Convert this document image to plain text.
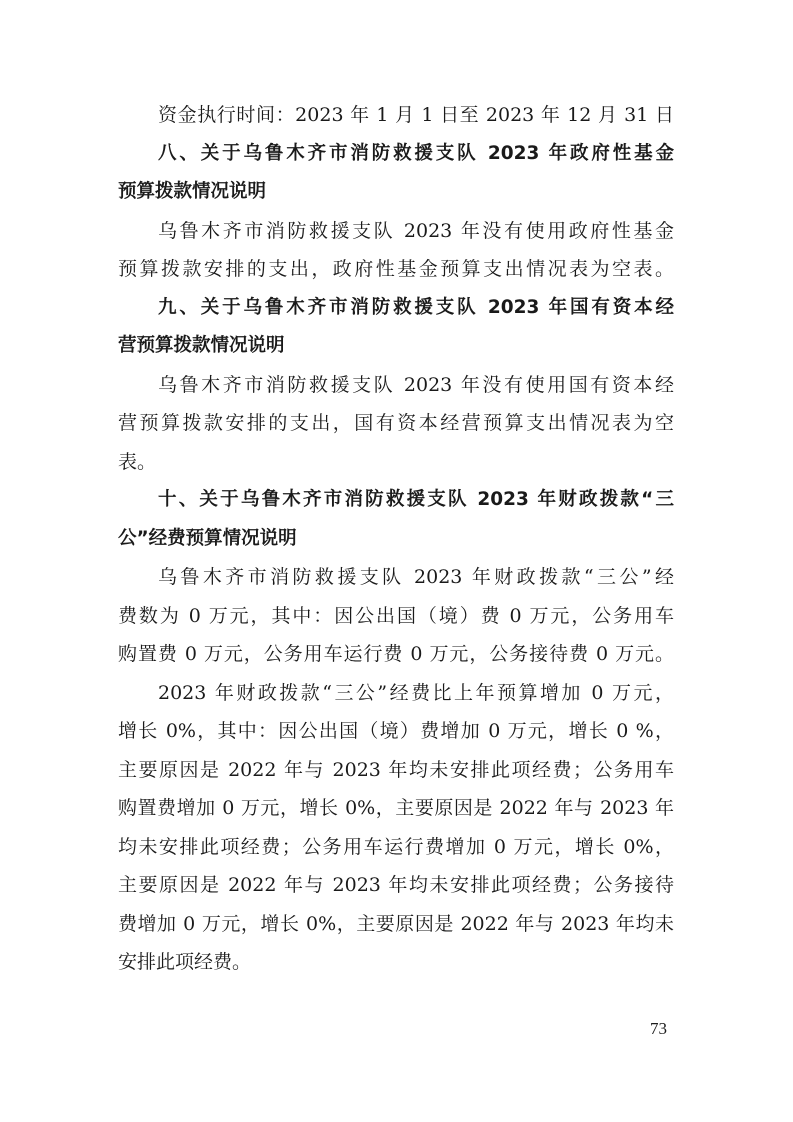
资金执行时间：2023 年 1 月 1 日至 2023 年 12 月 31 日
八、关于乌鲁木齐市消防救援支队 2023 年政府性基金
预算拨款情况说明
乌鲁木齐市消防救援支队 2023 年没有使用政府性基金
预算拨款安排的支出，政府性基金预算支出情况表为空表。
九、关于乌鲁木齐市消防救援支队 2023 年国有资本经
营预算拨款情况说明
乌鲁木齐市消防救援支队 2023 年没有使用国有资本经
营预算拨款安排的支出，国有资本经营预算支出情况表为空
表。
十、关于乌鲁木齐市消防救援支队 2023 年财政拨款“三
公”经费预算情况说明
乌鲁木齐市消防救援支队 2023 年财政拨款“三公”经
费数为 0 万元，其中：因公出国（境）费 0 万元，公务用车
购置费 0 万元，公务用车运行费 0 万元，公务接待费 0 万元。
2023 年财政拨款“三公”经费比上年预算增加 0 万元，
增长 0%，其中：因公出国（境）费增加 0 万元，增长 0 %，
主要原因是 2022 年与 2023 年均未安排此项经费；公务用车
购置费增加 0 万元，增长 0%，主要原因是 2022 年与 2023 年
均未安排此项经费；公务用车运行费增加 0 万元，增长 0%，
主要原因是 2022 年与 2023 年均未安排此项经费；公务接待
费增加 0 万元，增长 0%，主要原因是 2022 年与 2023 年均未
安排此项经费。
73
